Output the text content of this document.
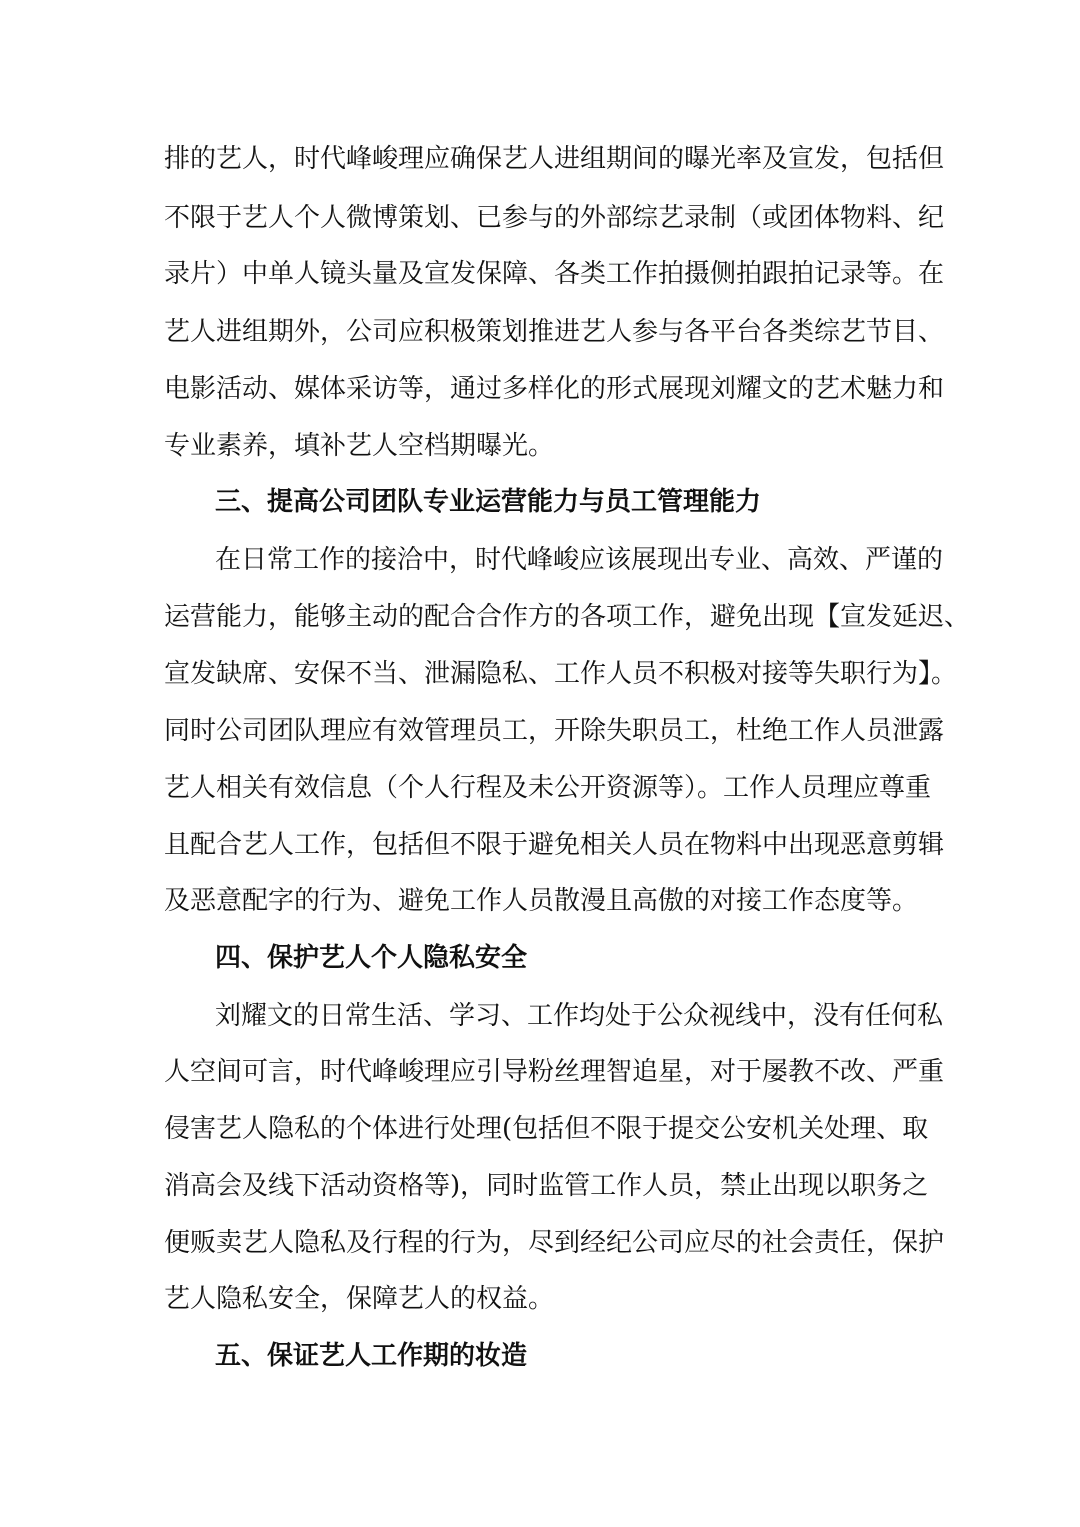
排的艺人，时代峰峻理应确保艺人进组期间的曝光率及宣发，包括但

不限于艺人个人微博策划、已参与的外部综艺录制（或团体物料、纪

录片）中单人镜头量及宣发保障、各类工作拍摄侧拍跟拍记录等。在

艺人进组期外，公司应积极策划推进艺人参与各平台各类综艺节目、

电影活动、媒体采访等，通过多样化的形式展现刘耀文的艺术魅力和

专业素养，填补艺人空档期曝光。

三、提高公司团队专业运营能力与员工管理能力

在日常工作的接洽中，时代峰峻应该展现出专业、高效、严谨的

运营能力，能够主动的配合合作方的各项工作，避免出现【宣发延迟、

宣发缺席、安保不当、泄漏隐私、工作人员不积极对接等失职行为】。

同时公司团队理应有效管理员工，开除失职员工，杜绝工作人员泄露

艺人相关有效信息（个人行程及未公开资源等）。工作人员理应尊重

且配合艺人工作，包括但不限于避免相关人员在物料中出现恶意剪辑

及恶意配字的行为、避免工作人员散漫且高傲的对接工作态度等。

四、保护艺人个人隐私安全

刘耀文的日常生活、学习、工作均处于公众视线中，没有任何私

人空间可言，时代峰峻理应引导粉丝理智追星，对于屡教不改、严重

侵害艺人隐私的个体进行处理(包括但不限于提交公安机关处理、取

消高会及线下活动资格等)，同时监管工作人员，禁止出现以职务之

便贩卖艺人隐私及行程的行为，尽到经纪公司应尽的社会责任，保护

艺人隐私安全，保障艺人的权益。

五、保证艺人工作期的妆造
